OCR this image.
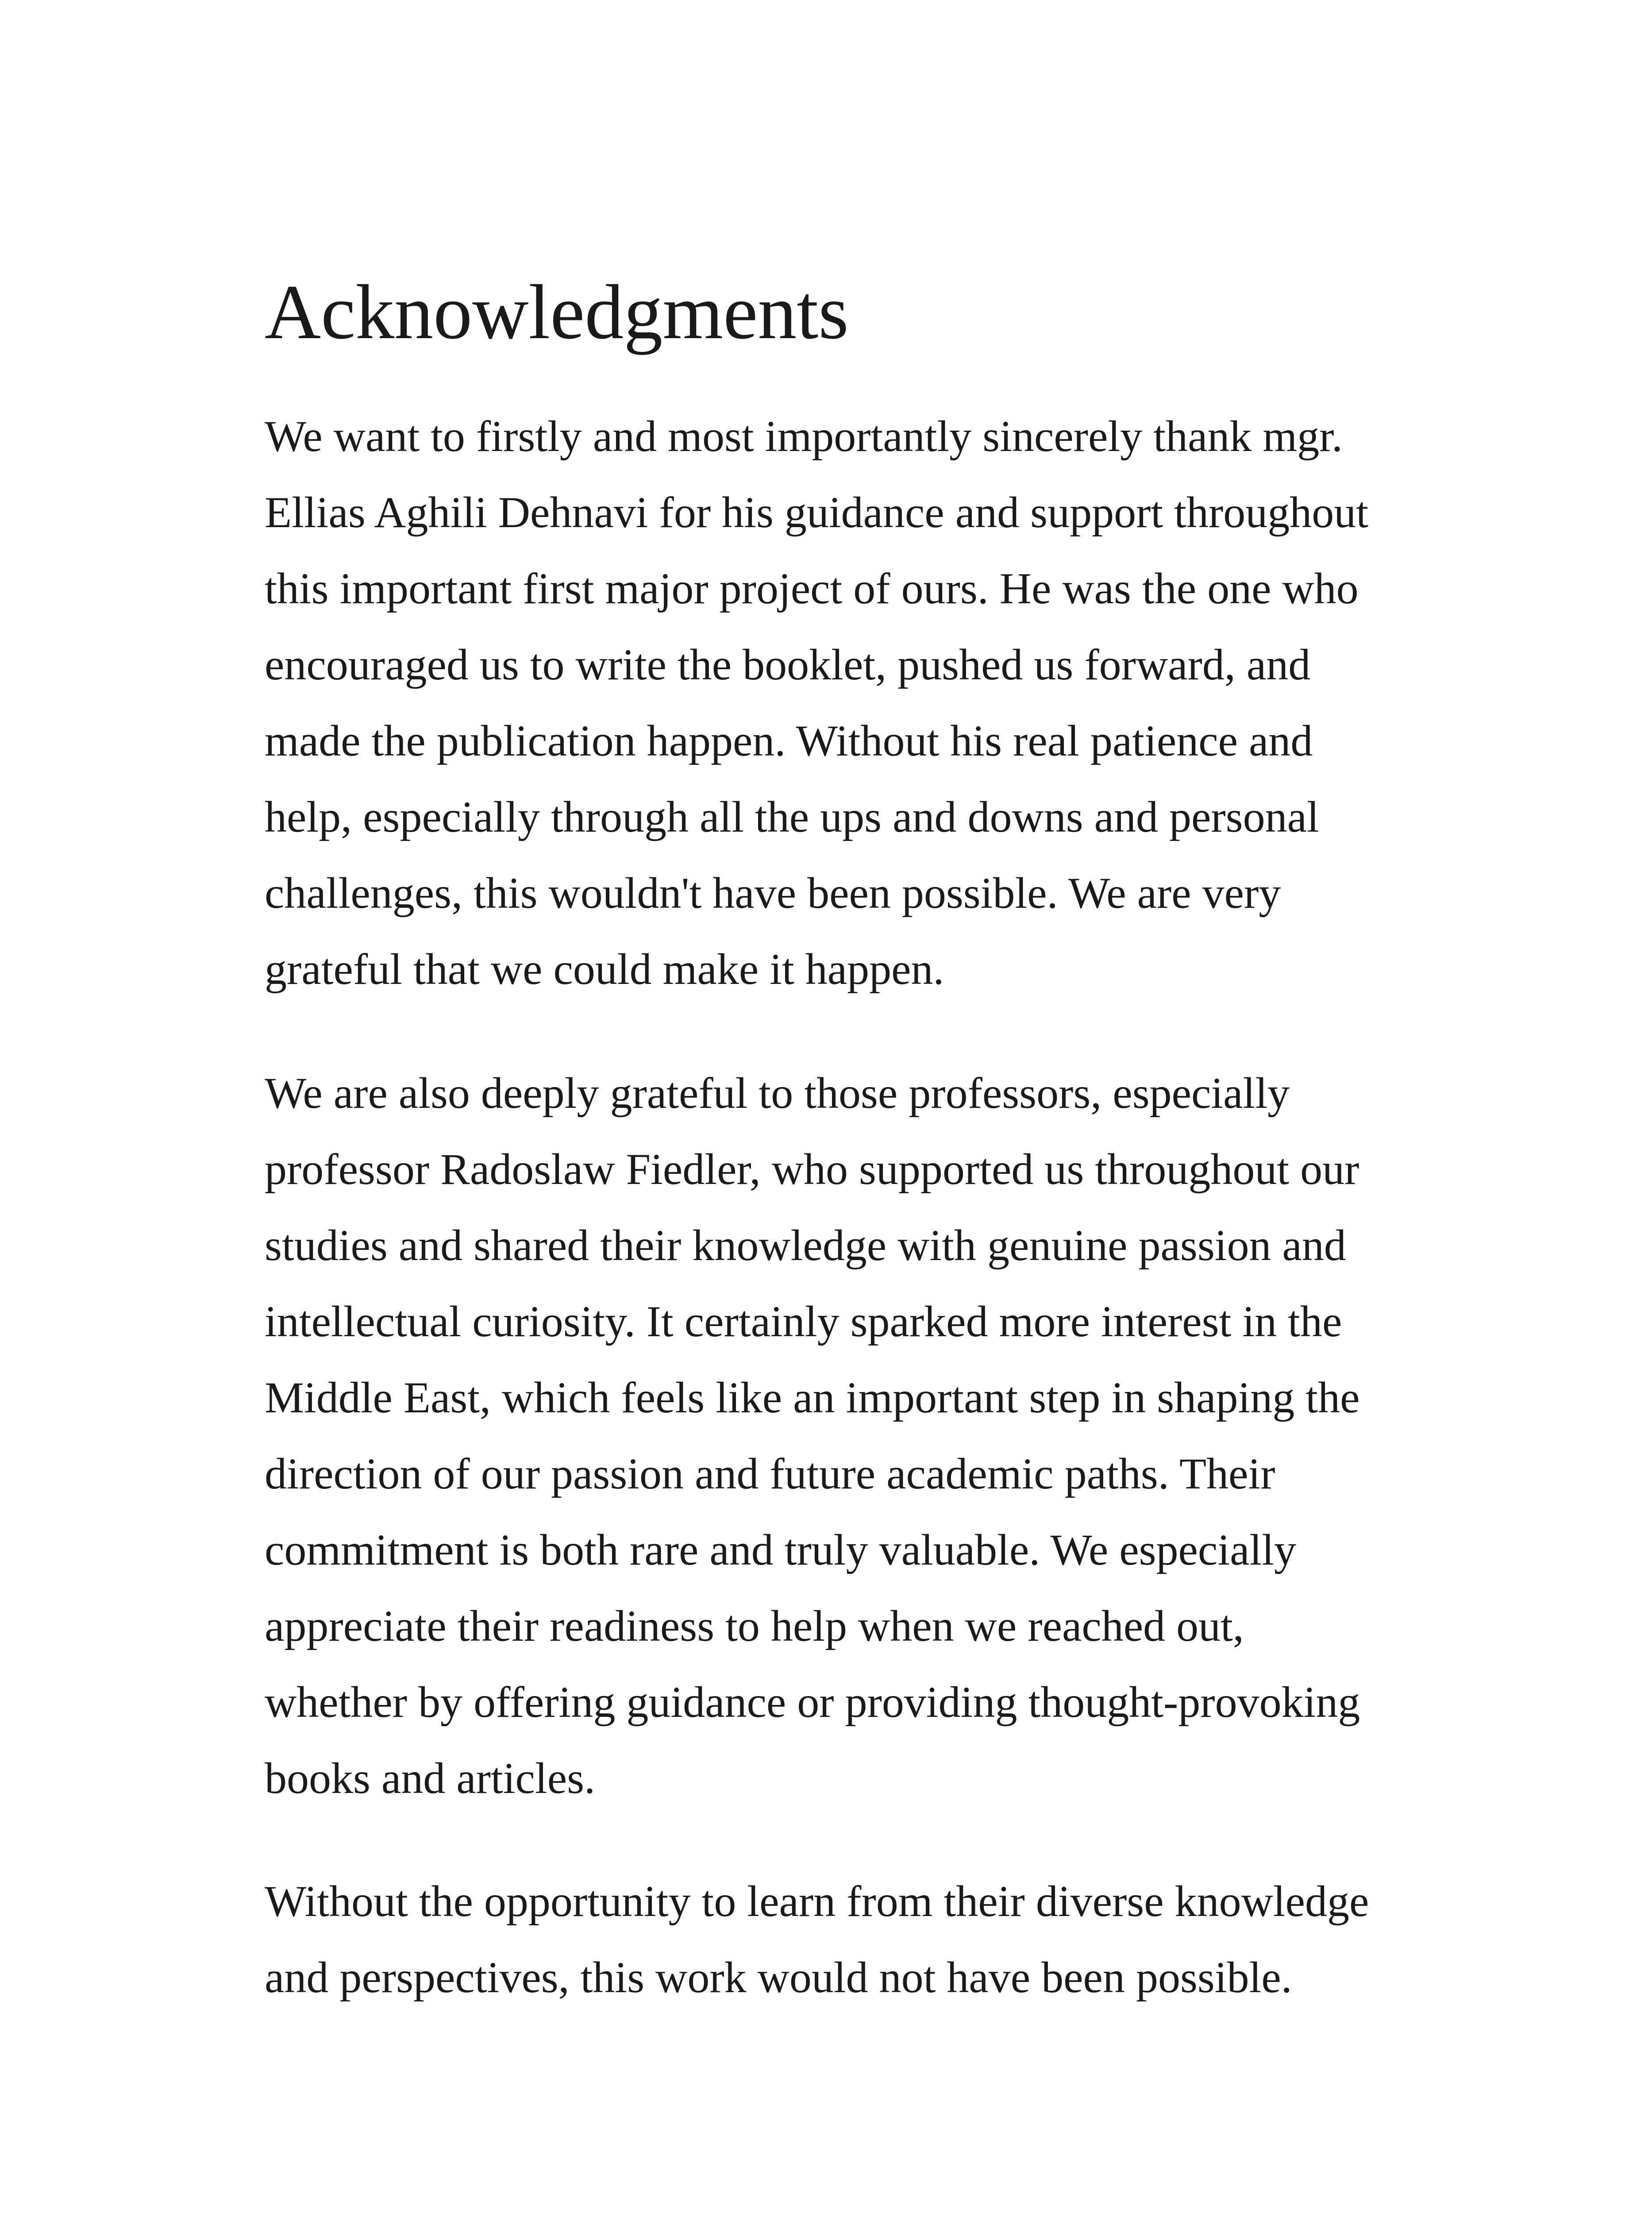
Acknowledgments

We want to firstly and most importantly sincerely thank mgr.
Ellias Aghili Dehnavi for his guidance and support throughout
this important first major project of ours. He was the one who
encouraged us to write the booklet, pushed us forward, and
made the publication happen. Without his real patience and
help, especially through all the ups and downs and personal
challenges, this wouldn't have been possible. We are very
grateful that we could make it happen.

We are also deeply grateful to those professors, especially
professor Radoslaw Fiedler, who supported us throughout our
studies and shared their knowledge with genuine passion and
intellectual curiosity. It certainly sparked more interest in the
Middle East, which feels like an important step in shaping the
direction of our passion and future academic paths. Their
commitment is both rare and truly valuable. We especially
appreciate their readiness to help when we reached out,
whether by offering guidance or providing thought-provoking
books and articles.

Without the opportunity to learn from their diverse knowledge
and perspectives, this work would not have been possible.
